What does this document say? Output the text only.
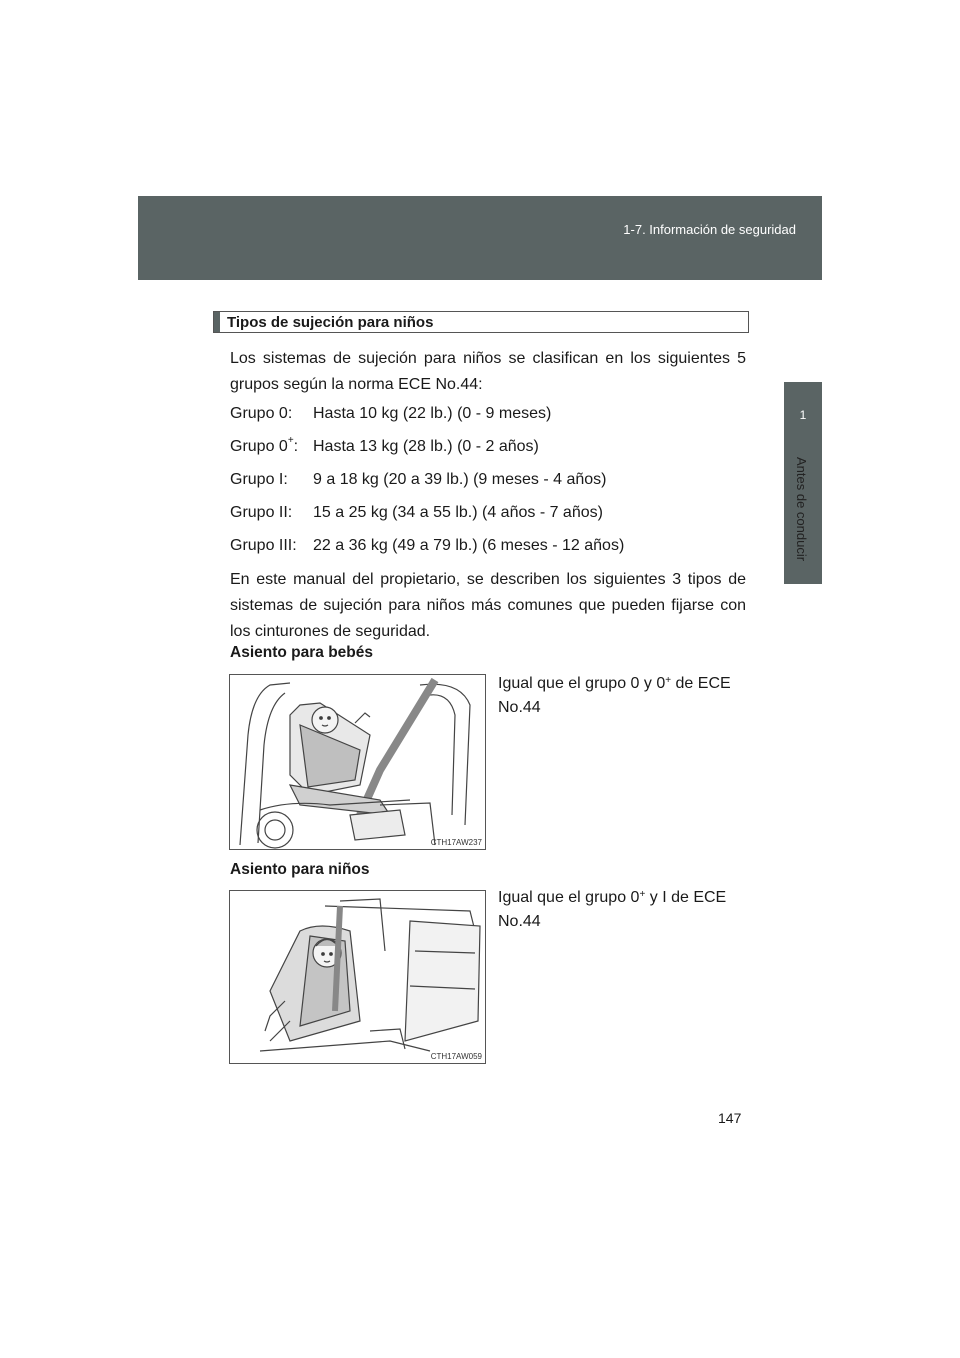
1-7. Información de seguridad
1
Antes de conducir
Tipos de sujeción para niños
Los sistemas de sujeción para niños se clasifican en los siguientes 5 grupos según la norma ECE No.44:
Grupo 0: Hasta 10 kg (22 lb.) (0 - 9 meses)
Grupo 0+: Hasta 13 kg (28 lb.) (0 - 2 años)
Grupo I: 9 a 18 kg (20 a 39 lb.) (9 meses - 4 años)
Grupo II: 15 a 25 kg (34 a 55 lb.) (4 años - 7 años)
Grupo III: 22 a 36 kg (49 a 79 lb.) (6 meses - 12 años)
En este manual del propietario, se describen los siguientes 3 tipos de sistemas de sujeción para niños más comunes que pueden fijarse con los cinturones de seguridad.
Asiento para bebés
CTH17AW237
Igual que el grupo 0 y 0+ de ECE No.44
Asiento para niños
CTH17AW059
Igual que el grupo 0+ y I de ECE No.44
147
